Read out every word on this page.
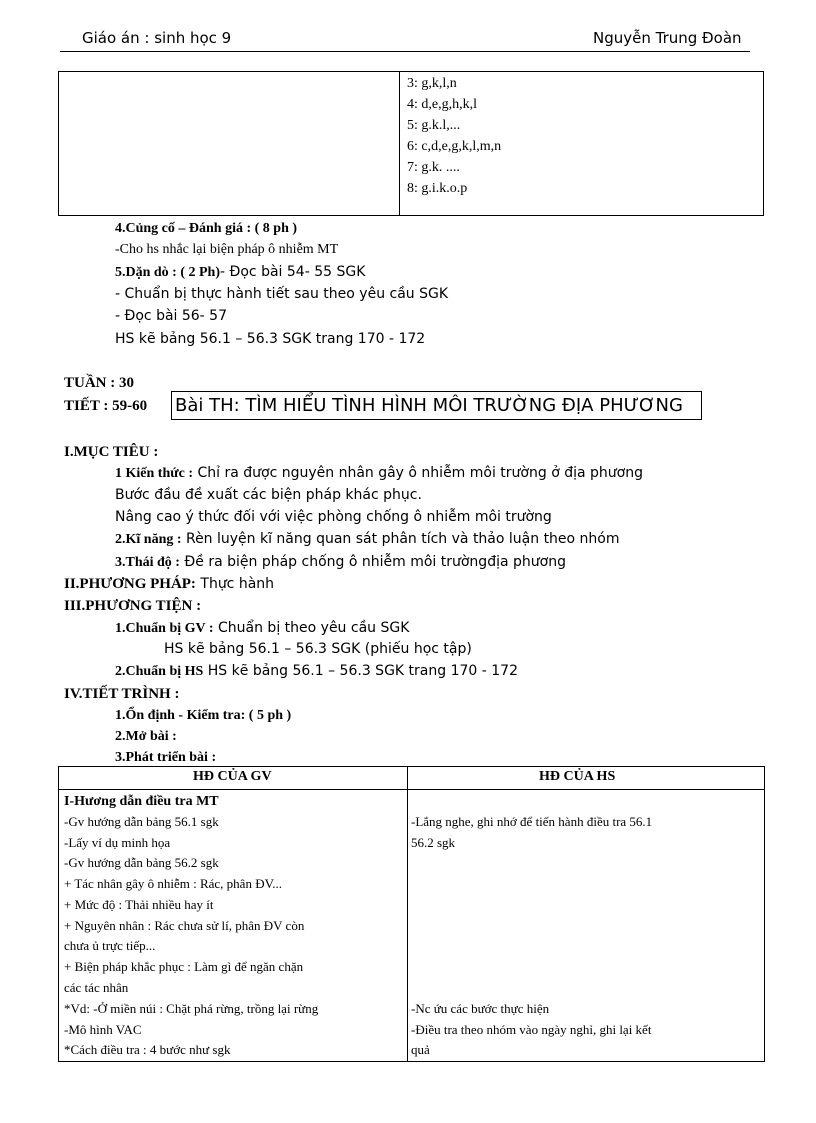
Giáo án : sinh học 9	Nguyễn Trung Đoàn
3: g,k,l,n
4: d,e,g,h,k,l
5: g.k.l,...
6: c,d,e,g,k,l,m,n
7: g.k. ....
8: g.i.k.o.p
4.Củng cố – Đánh giá : ( 8 ph )
-Cho hs nhắc lại biện pháp ô nhiễm MT
5.Dặn dò : ( 2 Ph)- Đọc bài 54- 55 SGK
- Chuẩn bị thực hành tiết sau theo yêu cầu SGK
- Đọc bài 56- 57
HS kẽ bảng 56.1 – 56.3 SGK trang 170 - 172
TUẦN : 30
TIẾT : 59-60 Bài TH: TÌM HIỂU TÌNH HÌNH MÔI TRƯỜNG ĐỊA PHƯƠNG
I.MỤC TIÊU :
1 Kiến thức : Chỉ ra được nguyên nhân gây ô nhiễm môi trường ở địa phương
Bước đầu đề xuất các biện pháp khác phục.
Nâng cao ý thức đối với việc phòng chống ô nhiễm môi trường
2.Kĩ năng : Rèn luyện kĩ năng quan sát phân tích và thảo luận theo nhóm
3.Thái độ : Đề ra biện pháp chống ô nhiễm môi trườngđịa phương
II.PHƯƠNG PHÁP: Thực hành
III.PHƯƠNG TIỆN :
1.Chuẩn bị GV : Chuẩn bị theo yêu cầu SGK
HS kẽ bảng 56.1 – 56.3 SGK (phiếu học tập)
2.Chuẩn bị HS HS kẽ bảng 56.1 – 56.3 SGK trang 170 - 172
IV.TIẾT TRÌNH :
1.Ổn định - Kiểm tra: ( 5 ph )
2.Mở bài :
3.Phát triển bài :
HĐ CỦA GV	HĐ CỦA HS
I-Hương dẫn điều tra MT
-Gv hướng dẫn bảng 56.1 sgk
-Lấy ví dụ minh họa
-Gv hướng dẫn bảng 56.2 sgk
+ Tác nhân gây ô nhiễm : Rác, phân ĐV...
+ Mức độ : Thải nhiều hay ít
+ Nguyên nhân : Rác chưa sử lí, phân ĐV còn
chưa ủ trực tiếp...
+ Biện pháp khắc phục : Làm gì để ngăn chặn
các tác nhân
*Vd: -Ở miền núi : Chặt phá rừng, trồng lại rừng
-Mô hình VAC
*Cách điều tra : 4 bước như sgk
-Lắng nghe, ghi nhớ để tiến hành điều tra 56.1
56.2 sgk
-Nc ứu các bước thực hiện
-Điều tra theo nhóm vào ngày nghỉ, ghi lại kết
quả
